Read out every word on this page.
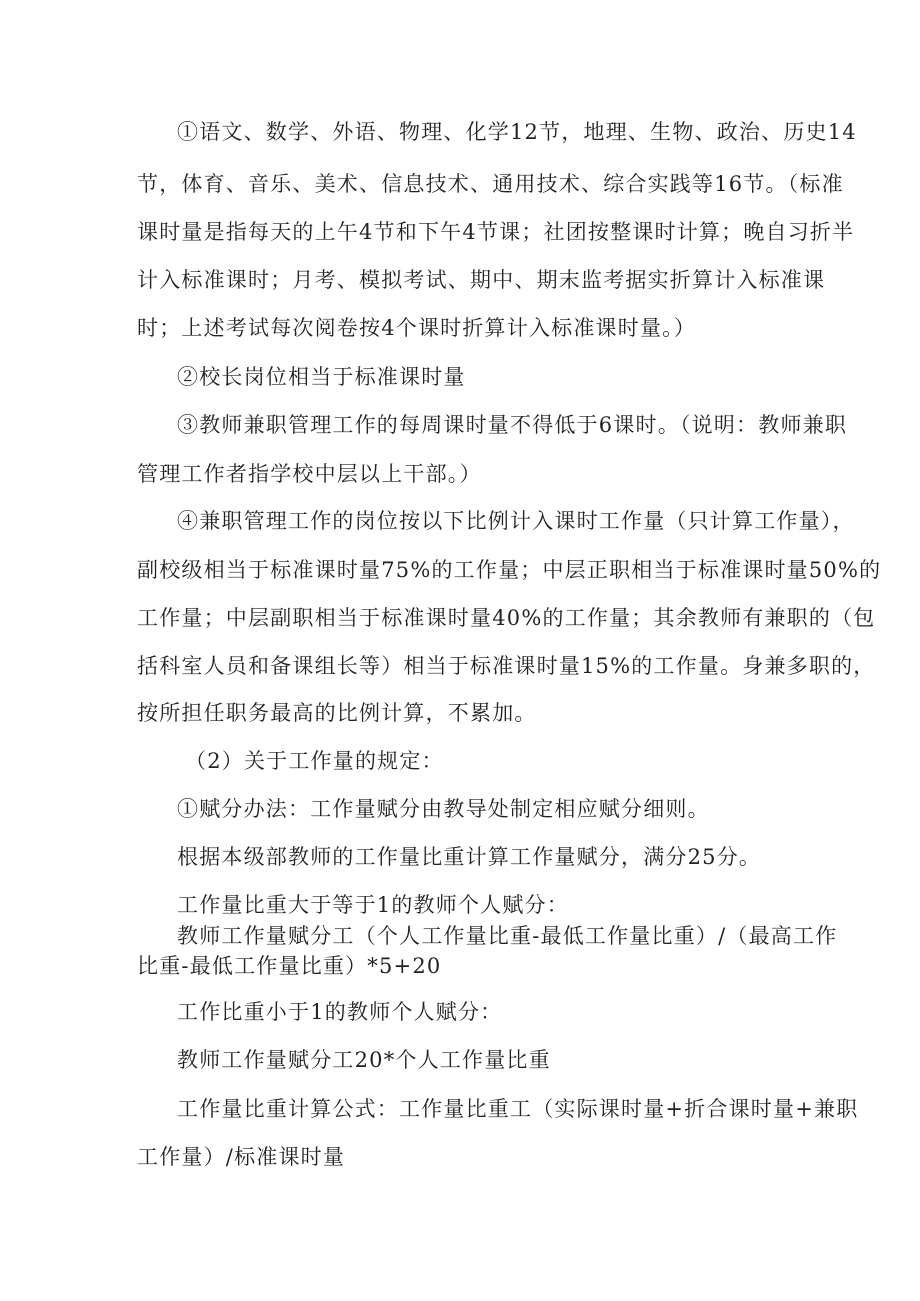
①语文、数学、外语、物理、化学12节，地理、生物、政治、历史14
节，体育、音乐、美术、信息技术、通用技术、综合实践等16节。（标准
课时量是指每天的上午4节和下午4节课；社团按整课时计算；晚自习折半
计入标准课时；月考、模拟考试、期中、期末监考据实折算计入标准课
时；上述考试每次阅卷按4个课时折算计入标准课时量。）
②校长岗位相当于标准课时量
③教师兼职管理工作的每周课时量不得低于6课时。（说明：教师兼职
管理工作者指学校中层以上干部。）
④兼职管理工作的岗位按以下比例计入课时工作量（只计算工作量），
副校级相当于标准课时量75%的工作量；中层正职相当于标准课时量50%的
工作量；中层副职相当于标准课时量40%的工作量；其余教师有兼职的（包
括科室人员和备课组长等）相当于标准课时量15%的工作量。身兼多职的，
按所担任职务最高的比例计算，不累加。
（2）关于工作量的规定：
①赋分办法：工作量赋分由教导处制定相应赋分细则。
根据本级部教师的工作量比重计算工作量赋分，满分25分。
工作量比重大于等于1的教师个人赋分：
教师工作量赋分工（个人工作量比重-最低工作量比重）/（最高工作
比重-最低工作量比重）*5+20
工作比重小于1的教师个人赋分：
教师工作量赋分工20*个人工作量比重
工作量比重计算公式：工作量比重工（实际课时量+折合课时量+兼职
工作量）/标准课时量
